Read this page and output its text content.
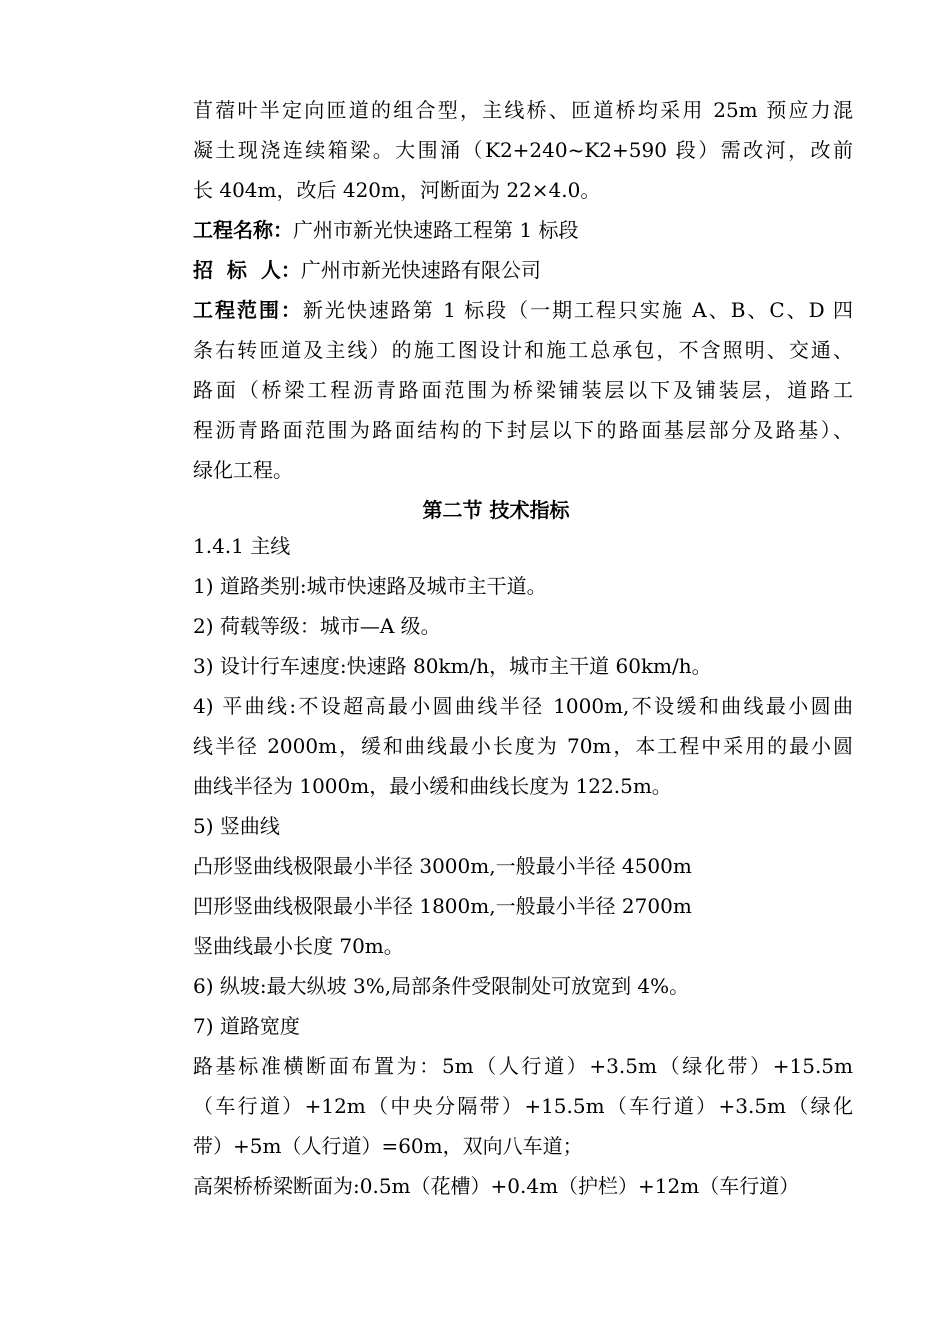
苜蓿叶半定向匝道的组合型，主线桥、匝道桥均采用 25m 预应力混
凝土现浇连续箱梁。大围涌（K2+240~K2+590 段）需改河，改前
长 404m，改后 420m，河断面为 22×4.0。
工程名称：广州市新光快速路工程第 1 标段
招  标  人：广州市新光快速路有限公司
工程范围：新光快速路第 1 标段（一期工程只实施 A、B、C、D 四
条右转匝道及主线）的施工图设计和施工总承包，不含照明、交通、
路面（桥梁工程沥青路面范围为桥梁铺装层以下及铺装层，道路工
程沥青路面范围为路面结构的下封层以下的路面基层部分及路基）、
绿化工程。
第二节 技术指标
1.4.1 主线
1) 道路类别:城市快速路及城市主干道。
2) 荷载等级：城市—A 级。
3) 设计行车速度:快速路 80km/h，城市主干道 60km/h。
4) 平曲线:不设超高最小圆曲线半径 1000m,不设缓和曲线最小圆曲
线半径 2000m，缓和曲线最小长度为 70m，本工程中采用的最小圆
曲线半径为 1000m，最小缓和曲线长度为 122.5m。
5) 竖曲线
凸形竖曲线极限最小半径 3000m,一般最小半径 4500m
凹形竖曲线极限最小半径 1800m,一般最小半径 2700m
竖曲线最小长度 70m。
6) 纵坡:最大纵坡 3%,局部条件受限制处可放宽到 4%。
7) 道路宽度
路基标准横断面布置为：5m（人行道）+3.5m（绿化带）+15.5m
（车行道）+12m（中央分隔带）+15.5m（车行道）+3.5m（绿化
带）+5m（人行道）=60m，双向八车道；
高架桥桥梁断面为:0.5m（花槽）+0.4m（护栏）+12m（车行道）
